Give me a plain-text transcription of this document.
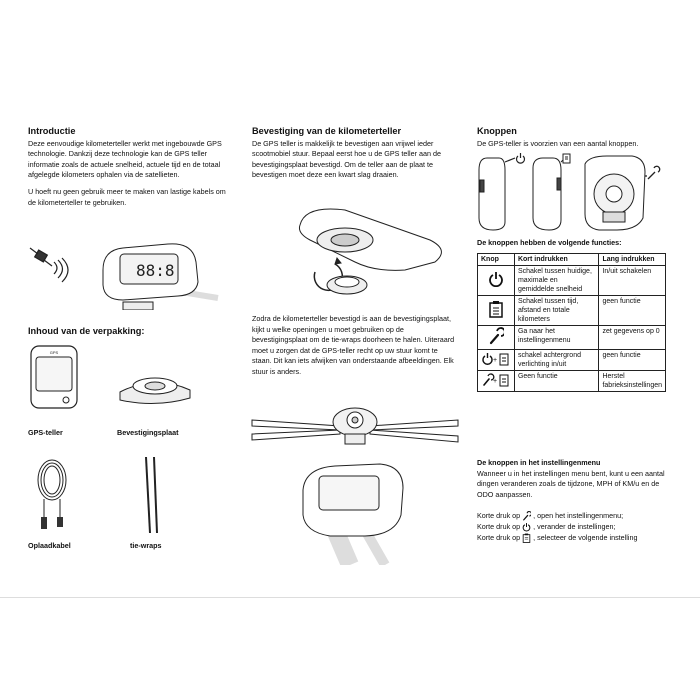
Introductie

Deze eenvoudige kilometerteller werkt met ingebouwde GPS technologie. Dankzij deze technologie kan de GPS teller informatie zoals de actuele snelheid, actuele tijd en de totaal afgelegde kilometers ophalen via de satellieten.

U hoeft nu geen gebruik meer te maken van lastige kabels om de kilometerteller te gebruiken.

88:8
Inhoud van de verpakking:
GPS
GPS-teller	Bevestigingsplaat
Oplaadkabel	tie-wraps
Bevestiging van de kilometerteller

De GPS teller is makkelijk te bevestigen aan vrijwel ieder scootmobiel stuur. Bepaal eerst hoe u de GPS teller aan de bevestigingsplaat bevestigd. Om de teller aan de plaat te bevestigen moet deze een kwart slag draaien.

Zodra de kilometerteller bevestigd is aan de bevestigingsplaat, kijkt u welke openingen u moet gebruiken op de bevestigingsplaat om de tie-wraps doorheen te halen. Uiteraard moet u zorgen dat de GPS-teller recht op uw stuur komt te staan. Dit kan iets afwijken van onderstaande afbeeldingen. Elk stuur is anders.

Knoppen

De GPS-teller is voorzien van een aantal knoppen.

De knoppen hebben de volgende functies:
Knop	Kort indrukken	Lang indrukken
	Schakel tussen huidige, maximale en gemiddelde snelheid	In/uit schakelen
	Schakel tussen tijd, afstand en totale kilometers	geen functie
	Ga naar het instellingenmenu	zet gegevens op 0

+	schakel achtergrond verlichting in/uit	geen functie

+	Geen functie	Herstel fabrieksinstellingen
De knoppen in het instellingenmenu
Wanneer u in het instellingen menu bent, kunt u een aantal dingen veranderen zoals de tijdzone, MPH of KM/u en de ODO aanpassen.
Korte druk op , open het instellingenmenu;
Korte druk op , verander de instellingen;
Korte druk op , selecteer de volgende instelling
